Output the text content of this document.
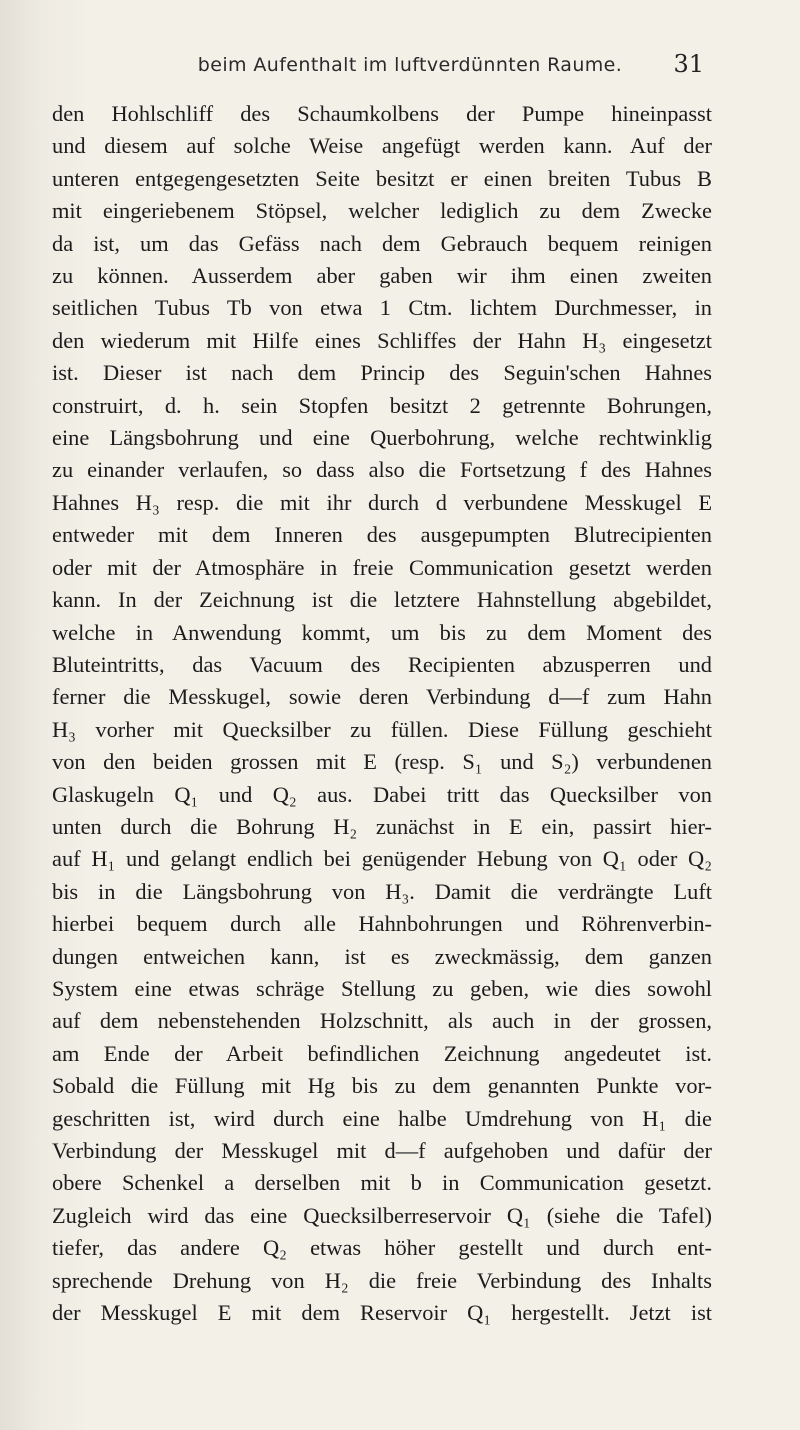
beim Aufenthalt im luftverdünnten Raume.	31
den Hohlschliff des Schaumkolbens der Pumpe hineinpasst
und diesem auf solche Weise angefügt werden kann. Auf der
unteren entgegengesetzten Seite besitzt er einen breiten Tubus B
mit eingeriebenem Stöpsel, welcher lediglich zu dem Zwecke
da ist, um das Gefäss nach dem Gebrauch bequem reinigen
zu können. Ausserdem aber gaben wir ihm einen zweiten
seitlichen Tubus Tb von etwa 1 Ctm. lichtem Durchmesser, in
den wiederum mit Hilfe eines Schliffes der Hahn H₃ eingesetzt
ist. Dieser ist nach dem Princip des Seguin'schen Hahnes
construirt, d. h. sein Stopfen besitzt 2 getrennte Bohrungen,
eine Längsbohrung und eine Querbohrung, welche rechtwinklig
zu einander verlaufen, so dass also die Fortsetzung f des Hahnes
Hahnes H₃ resp. die mit ihr durch d verbundene Messkugel E
entweder mit dem Inneren des ausgepumpten Blutrecipienten
oder mit der Atmosphäre in freie Communication gesetzt werden
kann. In der Zeichnung ist die letztere Hahnstellung abgebildet,
welche in Anwendung kommt, um bis zu dem Moment des
Bluteintritts, das Vacuum des Recipienten abzusperren und
ferner die Messkugel, sowie deren Verbindung d—f zum Hahn
H₃ vorher mit Quecksilber zu füllen. Diese Füllung geschieht
von den beiden grossen mit E (resp. S₁ und S₂) verbundenen
Glaskugeln Q₁ und Q₂ aus. Dabei tritt das Quecksilber von
unten durch die Bohrung H₂ zunächst in E ein, passirt hier-
auf H₁ und gelangt endlich bei genügender Hebung von Q₁ oder Q₂
bis in die Längsbohrung von H₃. Damit die verdrängte Luft
hierbei bequem durch alle Hahnbohrungen und Röhrenverbin-
dungen entweichen kann, ist es zweckmässig, dem ganzen
System eine etwas schräge Stellung zu geben, wie dies sowohl
auf dem nebenstehenden Holzschnitt, als auch in der grossen,
am Ende der Arbeit befindlichen Zeichnung angedeutet ist.
Sobald die Füllung mit Hg bis zu dem genannten Punkte vor-
geschritten ist, wird durch eine halbe Umdrehung von H₁ die
Verbindung der Messkugel mit d—f aufgehoben und dafür der
obere Schenkel a derselben mit b in Communication gesetzt.
Zugleich wird das eine Quecksilberreservoir Q₁ (siehe die Tafel)
tiefer, das andere Q₂ etwas höher gestellt und durch ent-
sprechende Drehung von H₂ die freie Verbindung des Inhalts
der Messkugel E mit dem Reservoir Q₁ hergestellt. Jetzt ist
